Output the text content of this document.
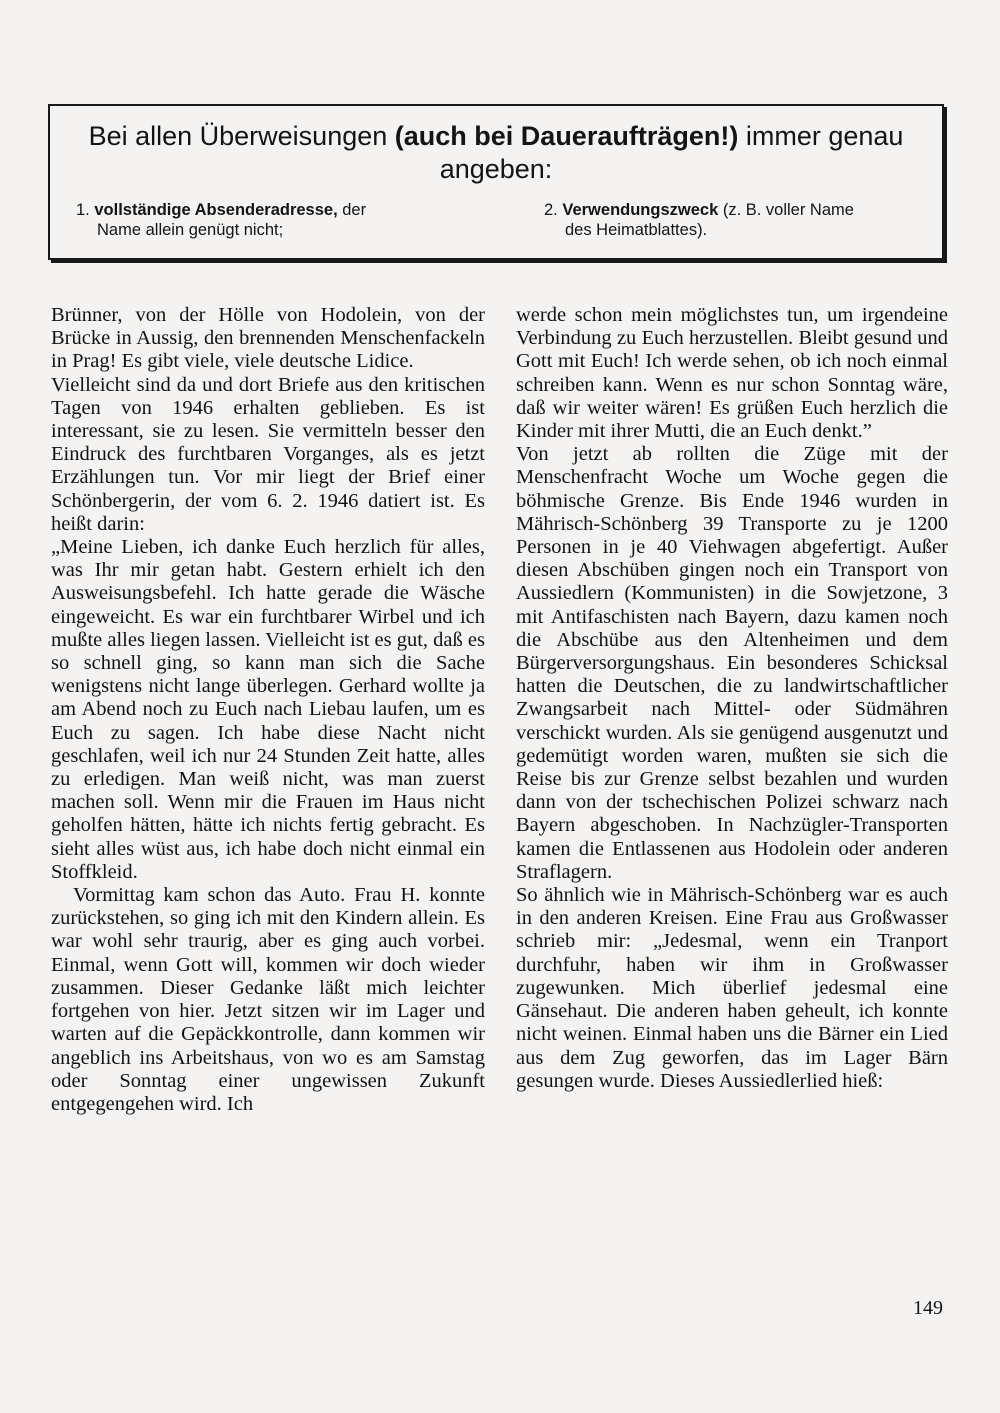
Bei allen Überweisungen (auch bei Daueraufträgen!) immer genau angeben:
1. vollständige Absenderadresse, der
Name allein genügt nicht;
2. Verwendungszweck (z. B. voller Name
des Heimatblattes).

Brünner, von der Hölle von Hodolein, von der Brücke in Aussig, den brennenden Menschenfackeln in Prag! Es gibt viele, viele deutsche Lidice.

Vielleicht sind da und dort Briefe aus den kritischen Tagen von 1946 erhalten geblieben. Es ist interessant, sie zu lesen. Sie vermitteln besser den Eindruck des furchtbaren Vorganges, als es jetzt Erzählungen tun. Vor mir liegt der Brief einer Schönbergerin, der vom 6. 2. 1946 datiert ist. Es heißt darin:

„Meine Lieben, ich danke Euch herzlich für alles, was Ihr mir getan habt. Gestern erhielt ich den Ausweisungsbefehl. Ich hatte gerade die Wäsche eingeweicht. Es war ein furchtbarer Wirbel und ich mußte alles liegen lassen. Vielleicht ist es gut, daß es so schnell ging, so kann man sich die Sache wenigstens nicht lange überlegen. Gerhard wollte ja am Abend noch zu Euch nach Liebau laufen, um es Euch zu sagen. Ich habe diese Nacht nicht geschlafen, weil ich nur 24 Stunden Zeit hatte, alles zu erledigen. Man weiß nicht, was man zuerst machen soll. Wenn mir die Frauen im Haus nicht geholfen hätten, hätte ich nichts fertig gebracht. Es sieht alles wüst aus, ich habe doch nicht einmal ein Stoffkleid.

Vormittag kam schon das Auto. Frau H. konnte zurückstehen, so ging ich mit den Kindern allein. Es war wohl sehr traurig, aber es ging auch vorbei. Einmal, wenn Gott will, kommen wir doch wieder zusammen. Dieser Gedanke läßt mich leichter fortgehen von hier. Jetzt sitzen wir im Lager und warten auf die Gepäckkontrolle, dann kommen wir angeblich ins Arbeitshaus, von wo es am Samstag oder Sonntag einer ungewissen Zukunft entgegengehen wird. Ich

werde schon mein möglichstes tun, um irgendeine Verbindung zu Euch herzustellen. Bleibt gesund und Gott mit Euch! Ich werde sehen, ob ich noch einmal schreiben kann. Wenn es nur schon Sonntag wäre, daß wir weiter wären! Es grüßen Euch herzlich die Kinder mit ihrer Mutti, die an Euch denkt.”

Von jetzt ab rollten die Züge mit der Menschenfracht Woche um Woche gegen die böhmische Grenze. Bis Ende 1946 wurden in Mährisch-Schönberg 39 Transporte zu je 1200 Personen in je 40 Viehwagen abgefertigt. Außer diesen Abschüben gingen noch ein Transport von Aussiedlern (Kommunisten) in die Sowjetzone, 3 mit Antifaschisten nach Bayern, dazu kamen noch die Abschübe aus den Altenheimen und dem Bürgerversorgungshaus. Ein besonderes Schicksal hatten die Deutschen, die zu landwirtschaftlicher Zwangsarbeit nach Mittel- oder Südmähren verschickt wurden. Als sie genügend ausgenutzt und gedemütigt worden waren, mußten sie sich die Reise bis zur Grenze selbst bezahlen und wurden dann von der tschechischen Polizei schwarz nach Bayern abgeschoben. In Nachzügler-Transporten kamen die Entlassenen aus Hodolein oder anderen Straflagern.

So ähnlich wie in Mährisch-Schönberg war es auch in den anderen Kreisen. Eine Frau aus Großwasser schrieb mir: „Jedesmal, wenn ein Tranport durchfuhr, haben wir ihm in Großwasser zugewunken. Mich überlief jedesmal eine Gänsehaut. Die anderen haben geheult, ich konnte nicht weinen. Einmal haben uns die Bärner ein Lied aus dem Zug geworfen, das im Lager Bärn gesungen wurde. Dieses Aussiedlerlied hieß:

149
